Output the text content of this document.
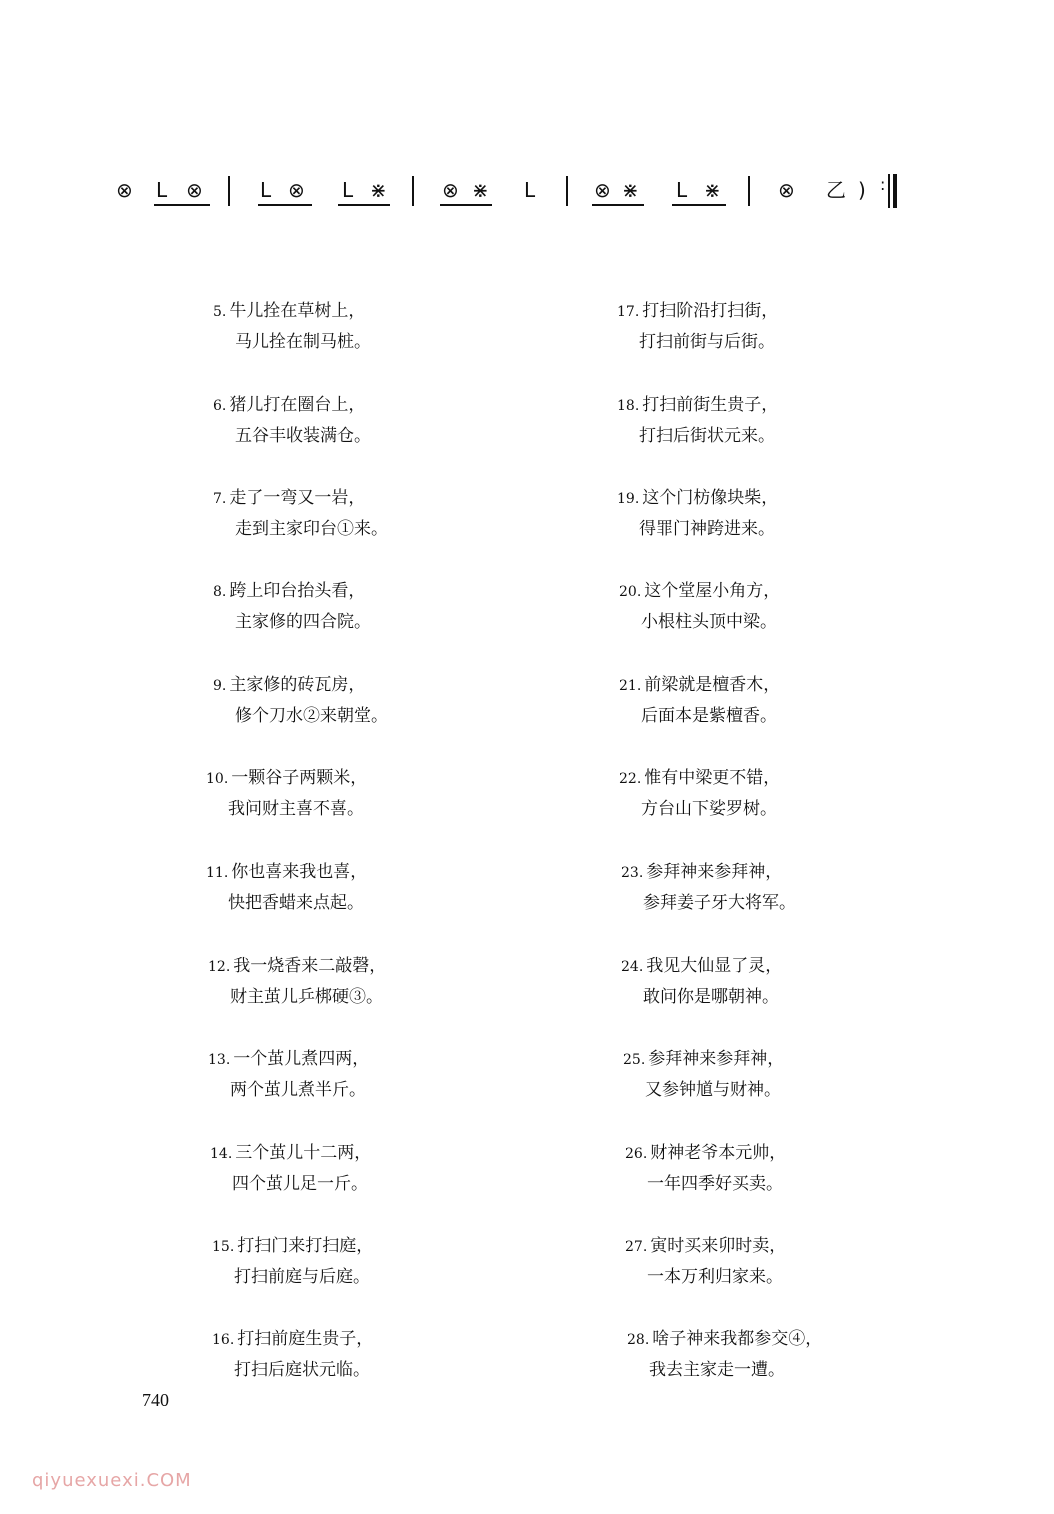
⊗ L ⊗	L ⊗ L ⋇	⊗ ⋇ L	⊗ ⋇ L ⋇	⊗ 乙 ) :
5. 牛儿拴在草树上，
马儿拴在制马桩。
6. 猪儿打在圈台上，
五谷丰收装满仓。
7. 走了一弯又一岩，
走到主家印台①来。
8. 跨上印台抬头看，
主家修的四合院。
9. 主家修的砖瓦房，
修个刀水②来朝堂。
10. 一颗谷子两颗米，
我问财主喜不喜。
11. 你也喜来我也喜，
快把香蜡来点起。
12. 我一烧香来二敲磬，
财主茧儿乒梆硬③。
13. 一个茧儿煮四两，
两个茧儿煮半斤。
14. 三个茧儿十二两，
四个茧儿足一斤。
15. 打扫门来打扫庭，
打扫前庭与后庭。
16. 打扫前庭生贵子，
打扫后庭状元临。
17. 打扫阶沿打扫街，
打扫前街与后街。
18. 打扫前街生贵子，
打扫后街状元来。
19. 这个门枋像块柴，
得罪门神跨进来。
20. 这个堂屋小角方，
小根柱头顶中梁。
21. 前梁就是檀香木，
后面本是紫檀香。
22. 惟有中梁更不错，
方台山下娑罗树。
23. 参拜神来参拜神，
参拜姜子牙大将军。
24. 我见大仙显了灵，
敢问你是哪朝神。
25. 参拜神来参拜神，
又参钟馗与财神。
26. 财神老爷本元帅，
一年四季好买卖。
27. 寅时买来卯时卖，
一本万利归家来。
28. 啥子神来我都参交④，
我去主家走一遭。
740
qiyuexuexi.COM
